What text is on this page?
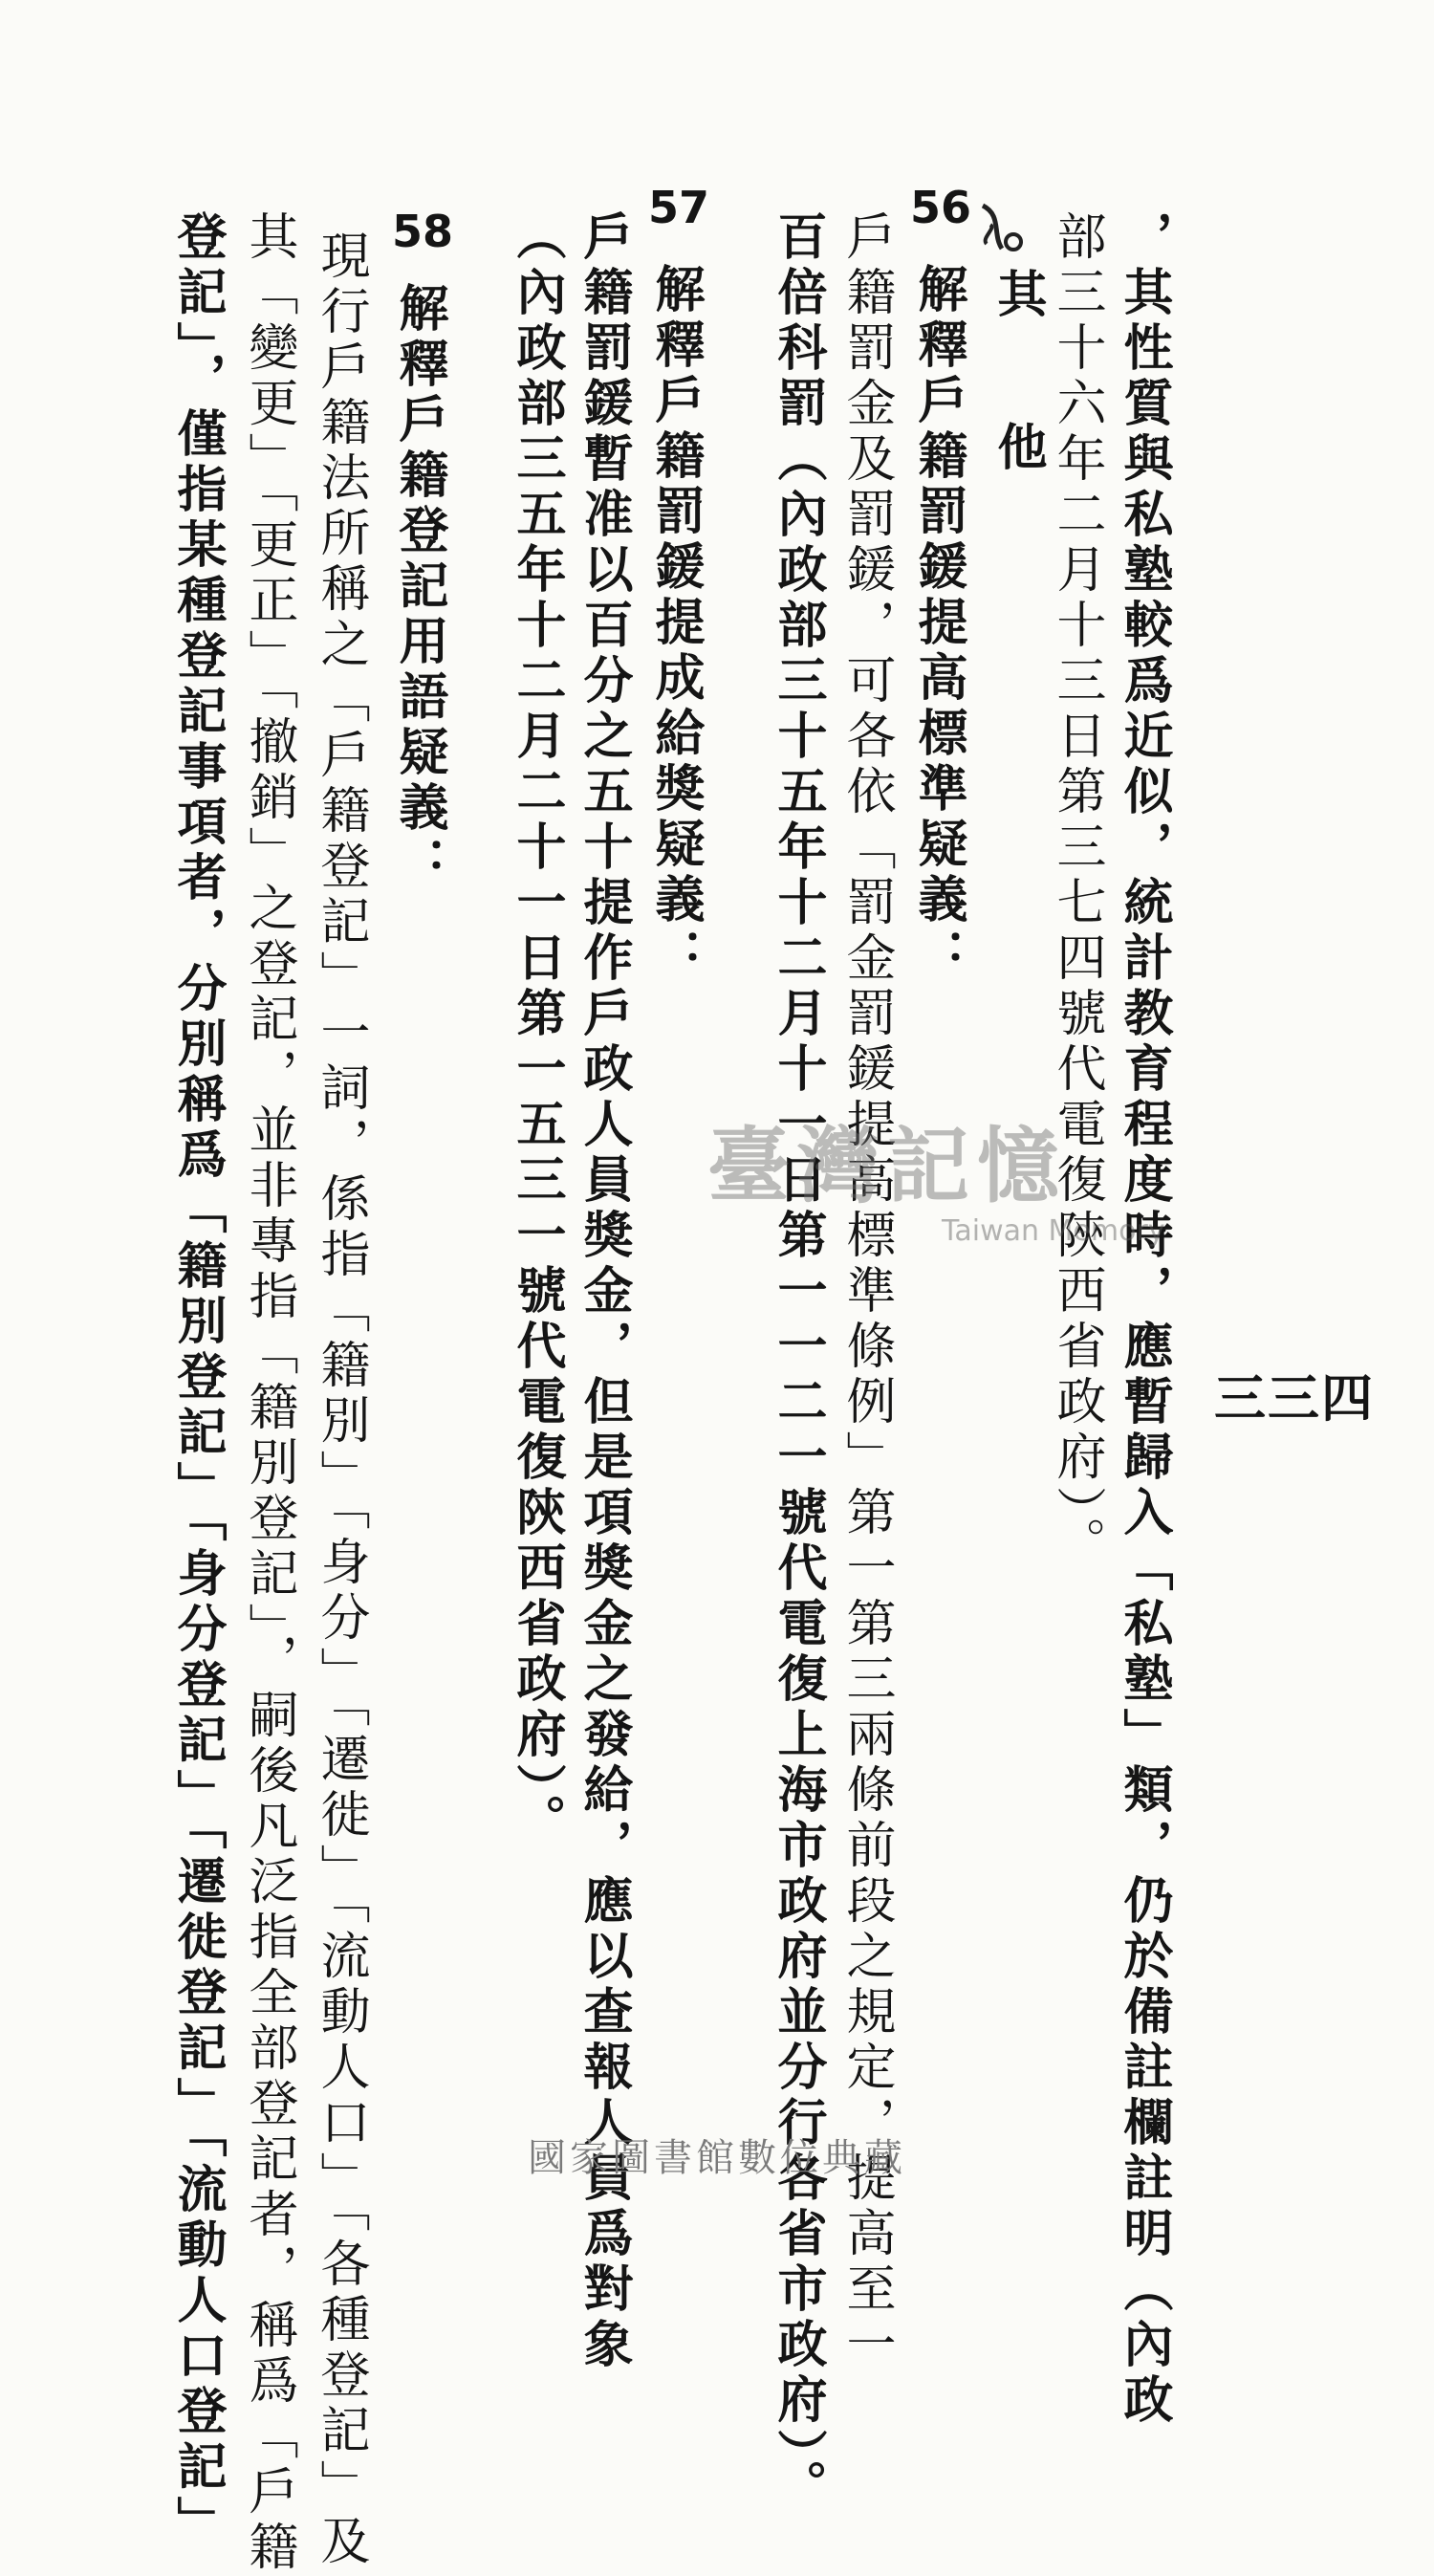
三三四
，其性質與私塾較爲近似，統計教育程度時，應暫歸入「私塾」類，仍於備註欄註明（內政
部三十六年二月十三日第三七四號代電復陝西省政府）。
其　他
56
解釋戶籍罰鍰提高標準疑義：
戶籍罰金及罰鍰，可各依「罰金罰鍰提高標準條例」第一第三兩條前段之規定，提高至一
百倍科罰（內政部三十五年十二月十一日第一一二一號代電復上海市政府並分行各省市政府）。
57
解釋戶籍罰鍰提成給獎疑義：
戶籍罰鍰暫准以百分之五十提作戶政人員獎金，但是項獎金之發給，應以查報人員爲對象
（內政部三五年十二月二十一日第一五三一號代電復陝西省政府）。
58
解釋戶籍登記用語疑義：
現行戶籍法所稱之「戶籍登記」一詞，係指「籍別」「身分」「遷徙」「流動人口」「各種登記」及
其「變更」「更正」「撤銷」之登記，並非專指「籍別登記」，嗣後凡泛指全部登記者，稱爲「戶籍
登記」，僅指某種登記事項者，分別稱爲「籍別登記」「身分登記」「遷徙登記」「流動人口登記」	臺灣記憶
Taiwan Memory
國家圖書館數位典藏
